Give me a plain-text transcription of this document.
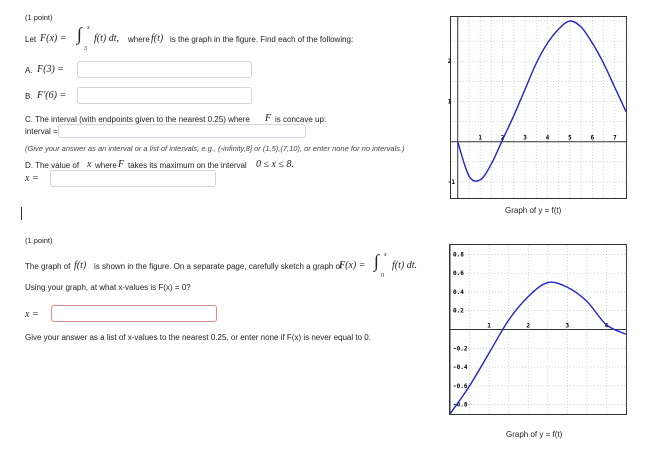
(1 point)
Let F(x) = ∫ x
3
f(t) dt, where f(t) is the graph in the figure. Find each of the following:
A. F(3) =
B. F′(6) =
C. The interval (with endpoints given to the nearest 0.25) where F is concave up:
interval =
(Give your answer as an interval or a list of intervals, e.g., (-infinity,8] or (1,5),(7,10), or enter none for no intervals.)
D. The value of x where F takes its maximum on the interval 0 ≤ x ≤ 8.
x =
1	2	3	4	5	6	7
2
1
-1
Graph of y = f(t)
(1 point)
The graph of f(t) is shown in the figure. On a separate page, carefully sketch a graph of
F(x) = ∫ x
0
f(t) dt.
Using your graph, at what x-values is F(x) = 0?
x =
Give your answer as a list of x-values to the nearest 0.25, or enter none if F(x) is never equal to 0.
1	2	3	4
0.8
0.6
0.4
0.2
-0.2
-0.4
-0.6
-0.8
Graph of y = f(t)
